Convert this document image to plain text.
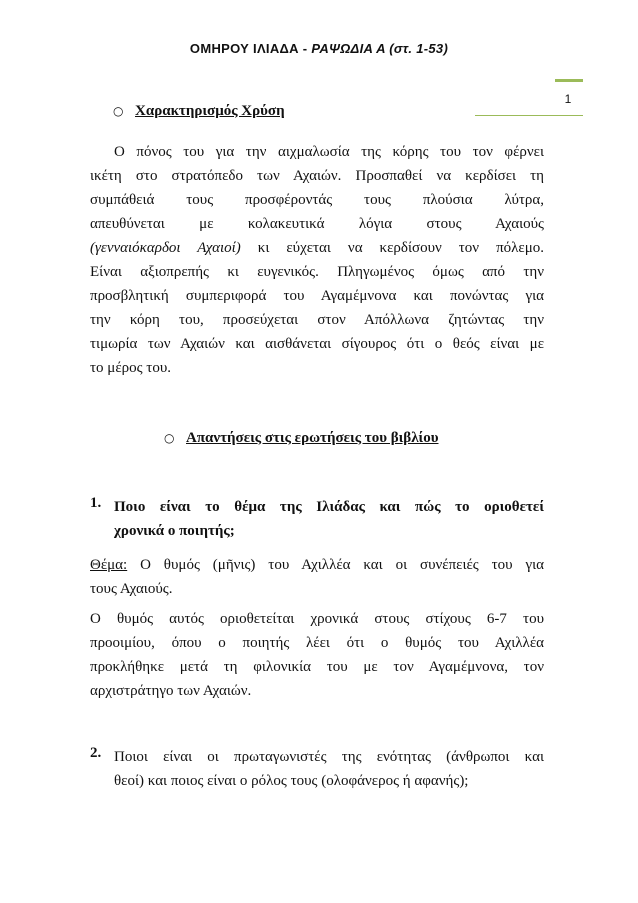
ΟΜΗΡΟΥ ΙΛΙΑΔΑ - ΡΑΨΩΔΙΑ Α (στ. 1-53)
1
○ Χαρακτηρισμός Χρύση
Ο πόνος του για την αιχμαλωσία της κόρης του τον φέρνει
ικέτη στο στρατόπεδο των Αχαιών. Προσπαθεί να κερδίσει τη
συμπάθειά τους προσφέροντάς τους πλούσια λύτρα,
απευθύνεται με κολακευτικά λόγια στους Αχαιούς
(γενναιόκαρδοι Αχαιοί) κι εύχεται να κερδίσουν τον πόλεμο.
Είναι αξιοπρεπής κι ευγενικός. Πληγωμένος όμως από την
προσβλητική συμπεριφορά του Αγαμέμνονα και πονώντας για
την κόρη του, προσεύχεται στον Απόλλωνα ζητώντας την
τιμωρία των Αχαιών και αισθάνεται σίγουρος ότι ο θεός είναι με
το μέρος του.
○ Απαντήσεις στις ερωτήσεις του βιβλίου
1. Ποιο είναι το θέμα της Ιλιάδας και πώς το οριοθετεί
χρονικά ο ποιητής;
Θέμα: Ο θυμός (μῆνις) του Αχιλλέα και οι συνέπειές του για
τους Αχαιούς.
Ο θυμός αυτός οριοθετείται χρονικά στους στίχους 6-7 του
προοιμίου, όπου ο ποιητής λέει ότι ο θυμός του Αχιλλέα
προκλήθηκε μετά τη φιλονικία του με τον Αγαμέμνονα, τον
αρχιστράτηγο των Αχαιών.
2. Ποιοι είναι οι πρωταγωνιστές της ενότητας (άνθρωποι και
θεοί) και ποιος είναι ο ρόλος τους (ολοφάνερος ή αφανής);
